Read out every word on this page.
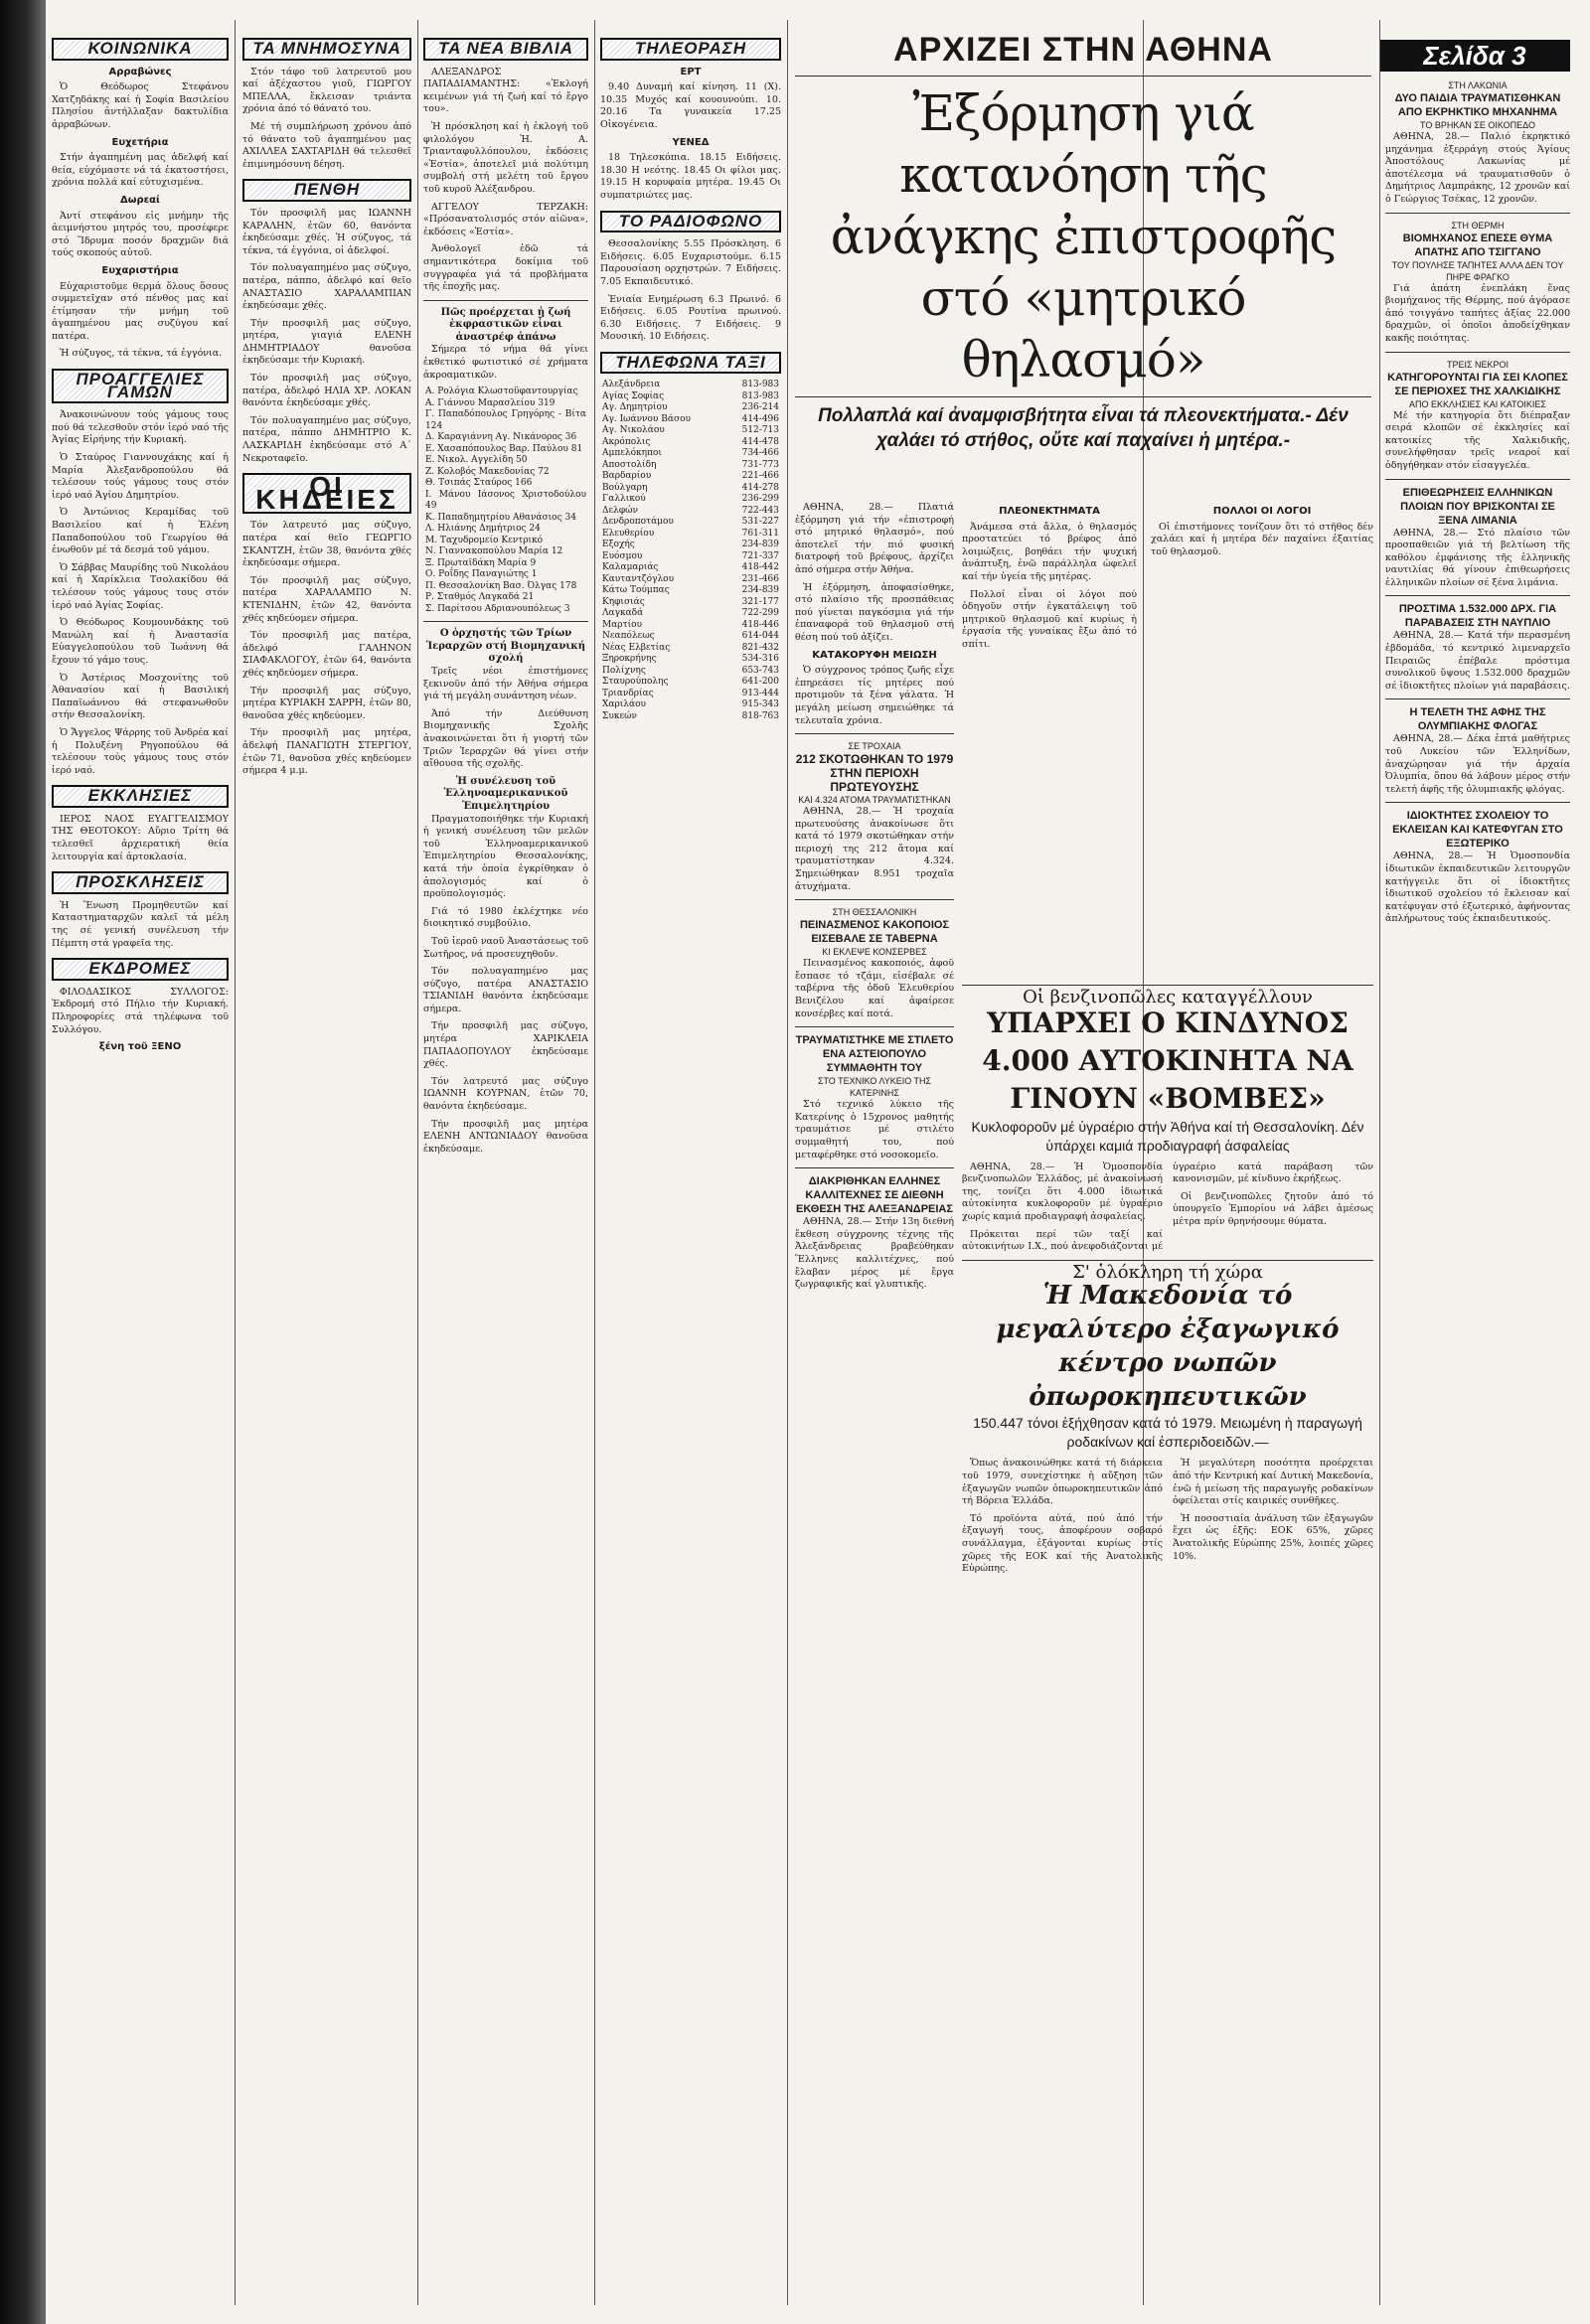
Σελίδα 3
ΚΟΙΝΩΝΙΚΑ
Αρραβώνες

Ὁ Θεόδωρος Στεφάνου Χατζηδάκης καί ἡ Σοφία Βασιλείου Πλησίου ἀντήλλαξαν δακτυλίδια ἀρραβώνων.

Ευχετήρια

Στήν ἀγαπημένη μας ἀδελφή καί θεία, εὐχόμαστε νά τά ἑκατοστήσει, χρόνια πολλά καί εὐτυχισμένα.

Δωρεαί

Ἀντί στεφάνου εἰς μνήμην τῆς ἀειμνήστου μητρός του, προσέφερε στό Ἵδρυμα ποσόν δραχμῶν διά τούς σκοπούς αὐτοῦ.

Ευχαριστήρια

Εὐχαριστοῦμε θερμά ὅλους ὅσους συμμετεῖχαν στό πένθος μας καί ἐτίμησαν τήν μνήμη τοῦ ἀγαπημένου μας συζύγου καί πατέρα.

Ἡ σύζυγος, τά τέκνα, τά ἐγγόνια.

ΠΡΟΑΓΓΕΛΙΕΣ ΓΑΜΩΝ

Ἀνακοινώνουν τούς γάμους τους πού θά τελεσθοῦν στόν ἱερό ναό τῆς Ἁγίας Εἰρήνης τήν Κυριακή.

Ὁ Σταύρος Γιαννουχάκης καί ἡ Μαρία Ἀλεξανδροπούλου θά τελέσουν τούς γάμους τους στόν ἱερό ναό Ἁγίου Δημητρίου.

Ὁ Ἀντώνιος Κεραμίδας τοῦ Βασιλείου καί ἡ Ἐλένη Παπαδοπούλου τοῦ Γεωργίου θά ἐνωθοῦν μέ τά δεσμά τοῦ γάμου.

Ὁ Σάββας Μαυρίδης τοῦ Νικολάου καί ἡ Χαρίκλεια Τσολακίδου θά τελέσουν τούς γάμους τους στόν ἱερό ναό Ἁγίας Σοφίας.

Ὁ Θεόδωρος Κουμουνδάκης τοῦ Μανώλη καί ἡ Ἀναστασία Εὐαγγελοπούλου τοῦ Ἰωάννη θά ἔχουν τό γάμο τους.

Ὁ Ἀστέριος Μοσχονίτης τοῦ Ἀθανασίου καί ἡ Βασιλική Παπαϊωάννου θά στεφανωθοῦν στήν Θεσσαλονίκη.

Ὁ Ἄγγελος Ψάρρης τοῦ Ἀνδρέα καί ἡ Πολυξένη Ρηγοπούλου θά τελέσουν τούς γάμους τους στόν ἱερό ναό.

ΕΚΚΛΗΣΙΕΣ

ΙΕΡΟΣ ΝΑΟΣ ΕΥΑΓΓΕΛΙΣΜΟΥ ΤΗΣ ΘΕΟΤΟΚΟΥ: Αὔριο Τρίτη θά τελεσθεῖ ἀρχιερατική θεία λειτουργία καί ἀρτοκλασία.

ΠΡΟΣΚΛΗΣΕΙΣ

Ἡ Ἕνωση Προμηθευτῶν καί Καταστηματαρχῶν καλεῖ τά μέλη της σέ γενική συνέλευση τήν Πέμπτη στά γραφεῖα της.

ΕΚΔΡΟΜΕΣ

ΦΙΛΟΔΑΣΙΚΟΣ ΣΥΛΛΟΓΟΣ: Ἐκδρομή στό Πήλιο τήν Κυριακή. Πληροφορίες στά τηλέφωνα τοῦ Συλλόγου.

ξένη τοῦ ΞΕΝΟ
ΤΑ ΜΝΗΜΟΣΥΝΑ

Στόν τάφο τοῦ λατρευτοῦ μου καί ἀξέχαστου γιοῦ, ΓΙΩΡΓΟΥ ΜΠΕΛΛΑ, ἔκλεισαν τριάντα χρόνια ἀπό τό θάνατό του.

Μέ τή συμπλήρωση χρόνου ἀπό τό θάνατο τοῦ ἀγαπημένου μας ΑΧΙΛΛΕΑ ΣΑΧΤΑΡΙΔΗ θά τελεσθεῖ ἐπιμνημόσυνη δέηση.

ΠΕΝΘΗ

Τόν προσφιλῆ μας ΙΩΑΝΝΗ ΚΑΡΑΛΗΝ, ἐτῶν 60, θανόντα ἐκηδεύσαμε χθές. Ἡ σύζυγος, τά τέκνα, τά ἐγγόνια, οἱ ἀδελφοί.

Τόν πολυαγαπημένο μας σύζυγο, πατέρα, πάππο, ἀδελφό καί θεῖο ΑΝΑΣΤΑΣΙΟ ΧΑΡΑΛΑΜΠΙΑΝ ἐκηδεύσαμε χθές.

Τήν προσφιλῆ μας σύζυγο, μητέρα, γιαγιά ΕΛΕΝΗ ΔΗΜΗΤΡΙΑΔΟΥ θανοῦσα ἐκηδεύσαμε τήν Κυριακή.

Τόν προσφιλῆ μας σύζυγο, πατέρα, ἀδελφό ΗΛΙΑ ΧΡ. ΛΟΚΑΝ θανόντα ἐκηδεύσαμε χθές.

Τόν πολυαγαπημένο μας σύζυγο, πατέρα, πάππο ΔΗΜΗΤΡΙΟ Κ. ΛΑΣΚΑΡΙΔΗ ἐκηδεύσαμε στό Α΄ Νεκροταφεῖο.

ΟΙ ΚΗΔΕΙΕΣ

Τόν λατρευτό μας σύζυγο, πατέρα καί θεῖο ΓΕΩΡΓΙΟ ΣΚΑΝΤΖΗ, ἐτῶν 38, θανόντα χθές ἐκηδεύσαμε σήμερα.

Τόν προσφιλῆ μας σύζυγο, πατέρα ΧΑΡΑΛΑΜΠΟ Ν. ΚΤΕΝΙΔΗΝ, ἐτῶν 42, θανόντα χθές κηδεύομεν σήμερα.

Τόν προσφιλῆ μας πατέρα, ἀδελφό ΓΑΛΗΝΟΝ ΣΙΑΦΑΚΛΟΓΟΥ, ἐτῶν 64, θανόντα χθές κηδεύομεν σήμερα.

Τήν προσφιλῆ μας σύζυγο, μητέρα ΚΥΡΙΑΚΗ ΣΑΡΡΗ, ἐτῶν 80, θανοῦσα χθές κηδεύομεν.

Τήν προσφιλῆ μας μητέρα, ἀδελφή ΠΑΝΑΓΙΩΤΗ ΣΤΕΡΓΙΟΥ, ἐτῶν 71, θανοῦσα χθές κηδεύομεν σήμερα 4 μ.μ.

ΤΑ ΝΕΑ ΒΙΒΛΙΑ

ΑΛΕΞΑΝΔΡΟΣ ΠΑΠΑΔΙΑΜΑΝΤΗΣ: «Ἐκλογή κειμένων γιά τή ζωή καί τό ἔργο του».

Ἡ πρόσκληση καί ἡ ἐκλογή τοῦ φιλολόγου Ἡ. Α. Τριανταφυλλόπουλου, ἐκδόσεις «Ἑστία», ἀποτελεῖ μιά πολύτιμη συμβολή στή μελέτη τοῦ ἔργου τοῦ κυροῦ Ἀλέξανδρου.

ΑΓΓΕΛΟΥ ΤΕΡΖΑΚΗ: «Πρόσανατολισμός στόν αἰῶνα», ἐκδόσεις «Ἑστία».

Ἀνθολογεῖ ἐδῶ τά σημαντικότερα δοκίμια τοῦ συγγραφέα γιά τά προβλήματα τῆς ἐποχῆς μας.

Πῶς προέρχεται ἡ ζωή ἐκφραστικῶν εἶναι ἀναστρέφ ἀπάνω

Σήμερα τό νήμα θά γίνει ἐκθετικό φωτιστικό σέ χρήματα ἀκροαματικῶν.

Α. Ρολόγια Κλωστοϋφαντουργίας
Α. Γιάννου Μαρασλείου 319
Γ. Παπαδόπουλος Γρηγόρης - Βίτα 124
Δ. Καραγιάννη Αγ. Νικάνορος 36
Ε. Χασαπόπουλος Βαρ. Παύλου 81
Ε. Νικολ. Αγγελίδη 50
Ζ. Κολοβός Μακεδονίας 72
Θ. Τσιπάς Σταύρος 166
Ι. Μάνου Ιάσονος Χριστοδούλου 49
Κ. Παπαδημητρίου Αθανάσιος 34
Λ. Ηλιάνης Δημήτριος 24
Μ. Ταχυδρομείο Κεντρικό
Ν. Γιαννακοπούλου Μαρία 12
Ξ. Πρωταϊδάκη Μαρία 9
Ο. Ροΐδης Παναγιώτης 1
Π. Θεσσαλονίκη Βασ. Όλγας 178
Ρ. Σταθμός Λαγκαδά 21
Σ. Παρίτσου Αδριανουπόλεως 3
Ο ὀρχηστής τῶν Τρίων Ἱεραρχῶν στή Βιομηχανική σχολή

Τρεῖς νέοι ἐπιστήμονες ξεκινοῦν ἀπό τήν Ἀθήνα σήμερα γιά τή μεγάλη συνάντηση νέων.

Ἀπό τήν Διεύθυνση Βιομηχανικῆς Σχολῆς ἀνακοινώνεται ὅτι ἡ γιορτή τῶν Τριῶν Ἱεραρχῶν θά γίνει στήν αἴθουσα τῆς σχολῆς.

Ἡ συνέλευση τοῦ Ἐλληνοαμερικανικοῦ Ἐπιμελητηρίου

Πραγματοποιήθηκε τήν Κυριακή ἡ γενική συνέλευση τῶν μελῶν τοῦ Ἐλληνοαμερικανικοῦ Ἐπιμελητηρίου Θεσσαλονίκης, κατά τήν ὁποία ἐγκρίθηκαν ὁ ἀπολογισμός καί ὁ προϋπολογισμός.

Γιά τό 1980 ἐκλέχτηκε νέο διοικητικό συμβούλιο.

Τοῦ ἱεροῦ ναοῦ Ἀναστάσεως τοῦ Σωτῆρος, νά προσευχηθοῦν.

Τόν πολυαγαπημένο μας σύζυγο, πατέρα ΑΝΑΣΤΑΣΙΟ ΤΣΙΑΝΙΔΗ θανόντα ἐκηδεύσαμε σήμερα.

Τήν προσφιλῆ μας σύζυγο, μητέρα ΧΑΡΙΚΛΕΙΑ ΠΑΠΑΔΟΠΟΥΛΟΥ ἐκηδεύσαμε χθές.

Τόν λατρευτό μας σύζυγο ΙΩΑΝΝΗ ΚΟΥΡΝΑΝ, ἐτῶν 70, θανόντα ἐκηδεύσαμε.

Τήν προσφιλῆ μας μητέρα ΕΛΕΝΗ ΑΝΤΩΝΙΑΔΟΥ θανοῦσα ἐκηδεύσαμε.

ΤΗΛΕΟΡΑΣΗ
ΕΡΤ

9.40 Δυναμή καί κίνηση. 11 (Χ). 10.35 Μυχός καί κουουνούπι. 10. 20.16 Τα γυναικεία 17.25 Οἰκογένεια.

ΥΕΝΕΔ

18 Τηλεσκόπια. 18.15 Ειδήσεις. 18.30 Η νεότης. 18.45 Οι φίλοι μας. 19.15 Η κορυφαία μητέρα. 19.45 Οι συμπατριώτες μας.

ΤΟ ΡΑΔΙΟΦΩΝΟ

Θεσσαλονίκης 5.55 Πρόσκληση. 6 Ειδήσεις. 6.05 Ευχαριστούμε. 6.15 Παρουσίαση ορχηστρών. 7 Ειδήσεις. 7.05 Εκπαιδευτικό.

Ἐνιαία Ενημέρωση 6.3 Πρωινό. 6 Ειδήσεις. 6.05 Ρουτίνα πρωινού. 6.30 Ειδήσεις. 7 Ειδήσεις. 9 Μουσική. 10 Ειδήσεις.

ΤΗΛΕΦΩΝΑ ΤΑΞΙ
Αλεξάνδρεια	813-983
Αγίας Σοφίας	813-983
Αγ. Δημητρίου	236-214
Αγ. Ιωάννου Βάσου	414-496
Αγ. Νικολάου	512-713
Ακρόπολις	414-478
Αμπελόκηποι	734-466
Αποστολίδη	731-773
Βαρδαρίου	221-466
Βούλγαρη	414-278
Γαλλικού	236-299
Δελφών	722-443
Δενδροποτάμου	531-227
Ελευθερίου	761-311
Εξοχής	234-839
Ευόσμου	721-337
Καλαμαριάς	418-442
Καυταντζόγλου	231-466
Κάτω Τούμπας	234-839
Κηφισιάς	321-177
Λαγκαδά	722-299
Μαρτίου	418-446
Νεαπόλεως	614-044
Νέας Ελβετίας	821-432
Ξηροκρήνης	534-316
Πολίχνης	653-743
Σταυρούπολης	641-200
Τριανδρίας	913-444
Χαριλάου	915-343
Συκεών	818-763
ΑΡΧΙΖΕΙ ΣΤΗΝ ΑΘΗΝΑ
Ἐξόρμηση γιά κατανόηση τῆς ἀνάγκης ἐπιστροφῆς στό «μητρικό θηλασμό»
Πολλαπλά καί ἀναμφισβήτητα εἶναι τά πλεονεκτήματα.- Δέν χαλάει τό στήθος, οὔτε καί παχαίνει ἡ μητέρα.-

ΑΘΗΝΑ, 28.— Πλατιά ἐξόρμηση γιά τήν «ἐπιστροφή στό μητρικό θηλασμό», πού ἀποτελεῖ τήν πιό φυσική διατροφή τοῦ βρέφους, ἀρχίζει ἀπό σήμερα στήν Ἀθήνα.

Ἡ ἐξόρμηση, ἀποφασίσθηκε, στό πλαίσιο τῆς προσπάθειας πού γίνεται παγκόσμια γιά τήν ἐπαναφορά τοῦ θηλασμοῦ στή θέση πού τοῦ ἀξίζει.

ΚΑΤΑΚΟΡΥΦΗ ΜΕΙΩΣΗ

Ὁ σύγχρονος τρόπος ζωῆς εἶχε ἐπηρεάσει τίς μητέρες πού προτιμοῦν τά ξένα γάλατα. Ἡ μεγάλη μείωση σημειώθηκε τά τελευταῖα χρόνια.

ΣΕ ΤΡΟΧΑΙΑ
212 ΣΚΟΤΩΘΗΚΑΝ ΤΟ 1979 ΣΤΗΝ ΠΕΡΙΟΧΗ ΠΡΩΤΕΥΟΥΣΗΣ
ΚΑΙ 4.324 ΑΤΟΜΑ ΤΡΑΥΜΑΤΙΣΤΗΚΑΝ

ΑΘΗΝΑ, 28.— Ἡ τροχαία πρωτευούσης ἀνακοίνωσε ὅτι κατά τό 1979 σκοτώθηκαν στήν περιοχή της 212 ἄτομα καί τραυματίστηκαν 4.324. Σημειώθηκαν 8.951 τροχαῖα ἀτυχήματα.

ΣΤΗ ΘΕΣΣΑΛΟΝΙΚΗ
ΠΕΙΝΑΣΜΕΝΟΣ ΚΑΚΟΠΟΙΟΣ ΕΙΣΕΒΑΛΕ ΣΕ ΤΑΒΕΡΝΑ
ΚΙ ΕΚΛΕΨΕ ΚΟΝΣΕΡΒΕΣ

Πεινασμένος κακοποιός, ἀφοῦ ἔσπασε τό τζάμι, εἰσέβαλε σέ ταβέρνα τῆς ὁδοῦ Ἐλευθερίου Βενιζέλου καί ἀφαίρεσε κονσέρβες καί ποτά.

ΤΡΑΥΜΑΤΙΣΤΗΚΕ ΜΕ ΣΤΙΛΕΤΟ ΕΝΑ ΑΣΤΕΙΟΠΟΥΛΟ ΣΥΜΜΑΘΗΤΗ ΤΟΥ
ΣΤΟ ΤΕΧΝΙΚΟ ΛΥΚΕΙΟ ΤΗΣ ΚΑΤΕΡΙΝΗΣ

Στό τεχνικό λύκειο τῆς Κατερίνης ὁ 15χρονος μαθητής τραυμάτισε μέ στιλέτο συμμαθητή του, πού μεταφέρθηκε στό νοσοκομεῖο.

ΔΙΑΚΡΙΘΗΚΑΝ ΕΛΛΗΝΕΣ ΚΑΛΛΙΤΕΧΝΕΣ ΣΕ ΔΙΕΘΝΗ ΕΚΘΕΣΗ ΤΗΣ ΑΛΕΞΑΝΔΡΕΙΑΣ

ΑΘΗΝΑ, 28.— Στήν 13η διεθνή ἔκθεση σύγχρονης τέχνης τῆς Ἀλεξάνδρειας βραβεύθηκαν Ἕλληνες καλλιτέχνες, πού ἔλαβαν μέρος μέ ἔργα ζωγραφικῆς καί γλυπτικῆς.

ΠΛΕΟΝΕΚΤΗΜΑΤΑ

Ἀνάμεσα στά ἄλλα, ὁ θηλασμός προστατεύει τό βρέφος ἀπό λοιμώξεις, βοηθάει τήν ψυχική ἀνάπτυξη, ἐνῶ παράλληλα ὠφελεῖ καί τήν ὑγεία τῆς μητέρας.

Πολλοί εἶναι οἱ λόγοι πού ὁδηγοῦν στήν ἐγκατάλειψη τοῦ μητρικοῦ θηλασμοῦ καί κυρίως ἡ ἐργασία τῆς γυναίκας ἔξω ἀπό τό σπίτι.

ΠΟΛΛΟΙ ΟΙ ΛΟΓΟΙ

Οἱ ἐπιστήμονες τονίζουν ὅτι τό στῆθος δέν χαλάει καί ἡ μητέρα δέν παχαίνει ἐξαιτίας τοῦ θηλασμοῦ.

Οἱ βενζινοπῶλες καταγγέλλουν
ΥΠΑΡΧΕΙ Ο ΚΙΝΔΥΝΟΣ 4.000 ΑΥΤΟΚΙΝΗΤΑ ΝΑ ΓΙΝΟΥΝ «ΒΟΜΒΕΣ»
Κυκλοφοροῦν μέ ὑγραέριο στήν Ἀθήνα καί τή Θεσσαλονίκη. Δέν ὑπάρχει καμιά προδιαγραφή ἀσφαλείας

ΑΘΗΝΑ, 28.— Ἡ Ὁμοσπονδία βενζινοπωλῶν Ἑλλάδος, μέ ἀνακοίνωσή της, τονίζει ὅτι 4.000 ἰδιωτικά αὐτοκίνητα κυκλοφοροῦν μέ ὑγραέριο χωρίς καμιά προδιαγραφή ἀσφαλείας.

Πρόκειται περί τῶν ταξί καί αὐτοκινήτων Ι.Χ., πού ἀνεφοδιάζονται μέ ὑγραέριο κατά παράβαση τῶν κανονισμῶν, μέ κίνδυνο ἐκρήξεως.

Οἱ βενζινοπῶλες ζητοῦν ἀπό τό ὑπουργεῖο Ἐμπορίου νά λάβει ἀμέσως μέτρα πρίν θρηνήσουμε θύματα.

Σ' ὁλόκληρη τή χώρα
Ἡ Μακεδονία τό μεγαλύτερο ἐξαγωγικό κέντρο νωπῶν ὀπωροκηπευτικῶν
150.447 τόνοι ἐξήχθησαν κατά τό 1979. Μειωμένη ἡ παραγωγή ροδακίνων καί ἐσπεριδοειδῶν.—

Ὅπως ἀνακοινώθηκε κατά τή διάρκεια τοῦ 1979, συνεχίστηκε ἡ αὔξηση τῶν ἐξαγωγῶν νωπῶν ὀπωροκηπευτικῶν ἀπό τή Βόρεια Ἑλλάδα.

Τό προϊόντα αὐτά, πού ἀπό τήν ἐξαγωγή τους, ἀποφέρουν σοβαρό συνάλλαγμα, ἐξάγονται κυρίως στίς χῶρες τῆς ΕΟΚ καί τῆς Ἀνατολικῆς Εὐρώπης.

Ἡ μεγαλύτερη ποσότητα προέρχεται ἀπό τήν Κεντρική καί Δυτική Μακεδονία, ἐνῶ ἡ μείωση τῆς παραγωγῆς ροδακίνων ὀφείλεται στίς καιρικές συνθῆκες.

Ἡ ποσοστιαία ἀνάλυση τῶν ἐξαγωγῶν ἔχει ὡς ἑξῆς: ΕΟΚ 65%, χῶρες Ἀνατολικῆς Εὐρώπης 25%, λοιπές χῶρες 10%.

ΣΤΗ ΛΑΚΩΝΙΑ
ΔΥΟ ΠΑΙΔΙΑ ΤΡΑΥΜΑΤΙΣΘΗΚΑΝ ΑΠΟ ΕΚΡΗΚΤΙΚΟ ΜΗΧΑΝΗΜΑ
ΤΟ ΒΡΗΚΑΝ ΣΕ ΟΙΚΟΠΕΔΟ

ΑΘΗΝΑ, 28.— Παλιό ἐκρηκτικό μηχάνημα ἐξερράγη στούς Ἁγίους Ἀποστόλους Λακωνίας μέ ἀποτέλεσμα νά τραυματισθοῦν ὁ Δημήτριος Λαμπράκης, 12 χρονῶν καί ὁ Γεώργιος Τσέκας, 12 χρονῶν.

ΣΤΗ ΘΕΡΜΗ
ΒΙΟΜΗΧΑΝΟΣ ΕΠΕΣΕ ΘΥΜΑ ΑΠΑΤΗΣ ΑΠΟ ΤΣΙΓΓΑΝΟ
ΤΟΥ ΠΟΥΛΗΣΕ ΤΑΠΗΤΕΣ ΑΛΛΑ ΔΕΝ ΤΟΥ ΠΗΡΕ ΦΡΑΓΚΟ

Γιά ἀπάτη ἐνεπλάκη ἕνας βιομήχανος τῆς Θέρμης, πού ἀγόρασε ἀπό τσιγγάνο ταπήτες ἀξίας 22.000 δραχμῶν, οἱ ὁποῖοι ἀποδείχθηκαν κακῆς ποιότητας.

ΤΡΕΙΣ ΝΕΚΡΟΙ
ΚΑΤΗΓΟΡΟΥΝΤΑΙ ΓΙΑ ΣΕΙ ΚΛΟΠΕΣ ΣΕ ΠΕΡΙΟΧΕΣ ΤΗΣ ΧΑΛΚΙΔΙΚΗΣ
ΑΠΟ ΕΚΚΛΗΣΙΕΣ ΚΑΙ ΚΑΤΟΙΚΙΕΣ

Μέ τήν κατηγορία ὅτι διέπραξαν σειρά κλοπῶν σέ ἐκκλησίες καί κατοικίες τῆς Χαλκιδικῆς, συνελήφθησαν τρεῖς νεαροί καί ὁδηγήθηκαν στόν εἰσαγγελέα.

ΕΠΙΘΕΩΡΗΣΕΙΣ ΕΛΛΗΝΙΚΩΝ ΠΛΟΙΩΝ ΠΟΥ ΒΡΙΣΚΟΝΤΑΙ ΣΕ ΞΕΝΑ ΛΙΜΑΝΙΑ

ΑΘΗΝΑ, 28.— Στό πλαίσιο τῶν προσπαθειῶν γιά τή βελτίωση τῆς καθόλου ἐμφάνισης τῆς ἑλληνικῆς ναυτιλίας θά γίνουν ἐπιθεωρήσεις ἑλληνικῶν πλοίων σέ ξένα λιμάνια.

ΠΡΟΣΤΙΜΑ 1.532.000 ΔΡΧ. ΓΙΑ ΠΑΡΑΒΑΣΕΙΣ ΣΤΗ ΝΑΥΠΛΙΟ

ΑΘΗΝΑ, 28.— Κατά τήν περασμένη ἑβδομάδα, τό κεντρικό λιμεναρχεῖο Πειραιῶς ἐπέβαλε πρόστιμα συνολικοῦ ὕψους 1.532.000 δραχμῶν σέ ἰδιοκτῆτες πλοίων γιά παραβάσεις.

Η ΤΕΛΕΤΗ ΤΗΣ ΑΦΗΣ ΤΗΣ ΟΛΥΜΠΙΑΚΗΣ ΦΛΟΓΑΣ

ΑΘΗΝΑ, 28.— Δέκα ἑπτά μαθήτριες τοῦ Λυκείου τῶν Ἑλληνίδων, ἀναχώρησαν γιά τήν ἀρχαία Ὀλυμπία, ὅπου θά λάβουν μέρος στήν τελετή ἀφῆς τῆς ὀλυμπιακῆς φλόγας.

ΙΔΙΟΚΤΗΤΕΣ ΣΧΟΛΕΙΟΥ ΤΟ ΕΚΛΕΙΣΑΝ ΚΑΙ ΚΑΤΕΦΥΓΑΝ ΣΤΟ ΕΞΩΤΕΡΙΚΟ

ΑΘΗΝΑ, 28.— Ἡ Ὁμοσπονδία ἰδιωτικῶν ἐκπαιδευτικῶν λειτουργῶν κατήγγειλε ὅτι οἱ ἰδιοκτῆτες ἰδιωτικοῦ σχολείου τό ἔκλεισαν καί κατέφυγαν στό ἐξωτερικό, ἀφήνοντας ἀπλήρωτους τούς ἐκπαιδευτικούς.
